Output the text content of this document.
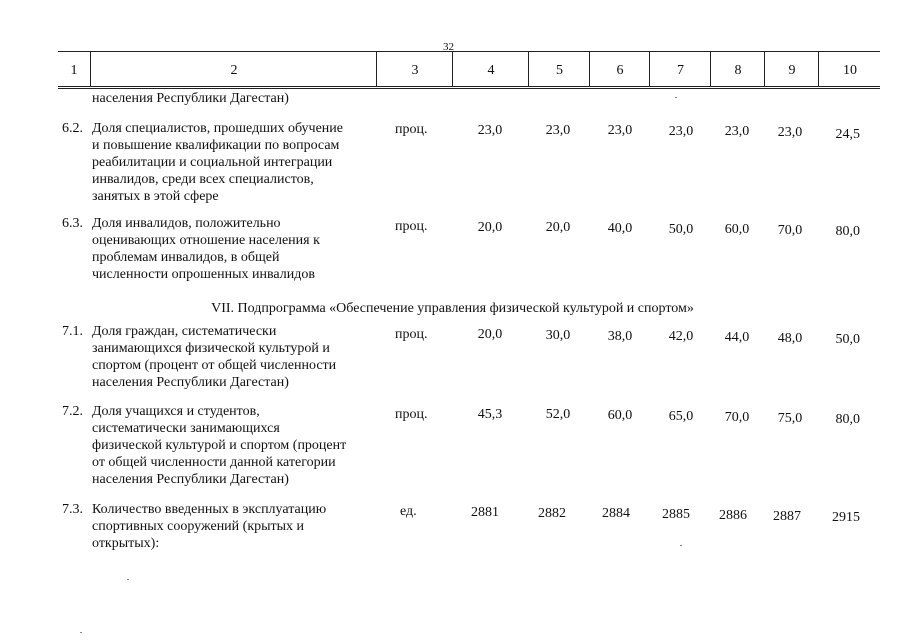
32
1	2	3	4	5	6	7	8	9	10
населения Республики Дагестан)
6.2. Доля специалистов, прошедших обучение
и повышение квалификации по вопросам
реабилитации и социальной интеграции
инвалидов, среди всех специалистов,
занятых в этой сфере
проц.	23,0	23,0	23,0	23,0	23,0	23,0	24,5
6.3. Доля инвалидов, положительно
оценивающих отношение населения к
проблемам инвалидов, в общей
численности опрошенных инвалидов
проц.	20,0	20,0	40,0	50,0	60,0	70,0	80,0
VII. Подпрограмма «Обеспечение управления физической культурой и спортом»
7.1. Доля граждан, систематически
занимающихся физической культурой и
спортом (процент от общей численности
населения Республики Дагестан)
проц.	20,0	30,0	38,0	42,0	44,0	48,0	50,0
7.2. Доля учащихся и студентов,
систематически занимающихся
физической культурой и спортом (процент
от общей численности данной категории
населения Республики Дагестан)
проц.	45,3	52,0	60,0	65,0	70,0	75,0	80,0
7.3. Количество введенных в эксплуатацию
спортивных сооружений (крытых и
открытых):
ед.	2881	2882	2884	2885	2886	2887	2915
